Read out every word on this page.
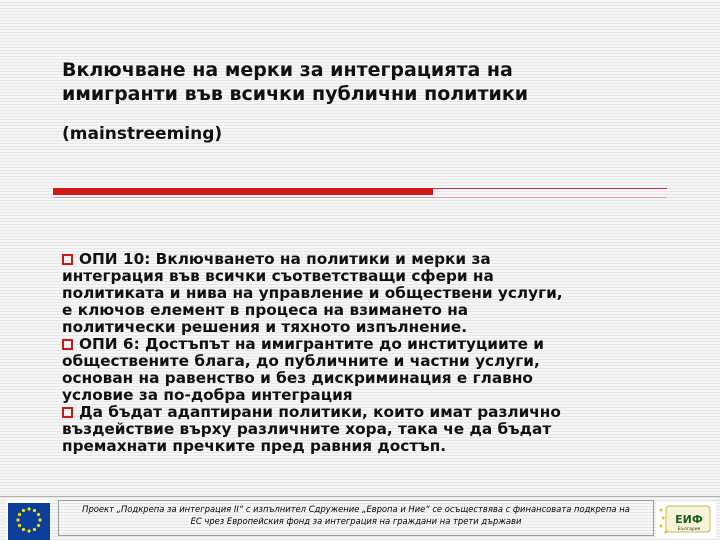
Включване на мерки за интеграцията на
имигранти във всички публични политики
(mainstreeming)
ОПИ 10: Включването на политики и мерки за
интеграция във всички съответстващи сфери на
политиката и нива на управление и обществени услуги,
е ключов елемент в процеса на взимането на
политически решения и тяхното изпълнение.
ОПИ 6: Достъпът на имигрантите до институциите и
обществените блага, до публичните и частни услуги,
основан на равенство и без дискриминация е главно
условие за по-добра интеграция
Да бъдат адаптирани политики, които имат различно
въздействие върху различните хора, така че да бъдат
премахнати пречките пред равния достъп.
Проект „Подкрепа за интеграция II“ с изпълнител Сдружение „Европа и Ние“ се осъществява с финансовата подкрепа на
ЕС чрез Европейския фонд за интеграция на граждани на трети държави	ЕИФ
България
